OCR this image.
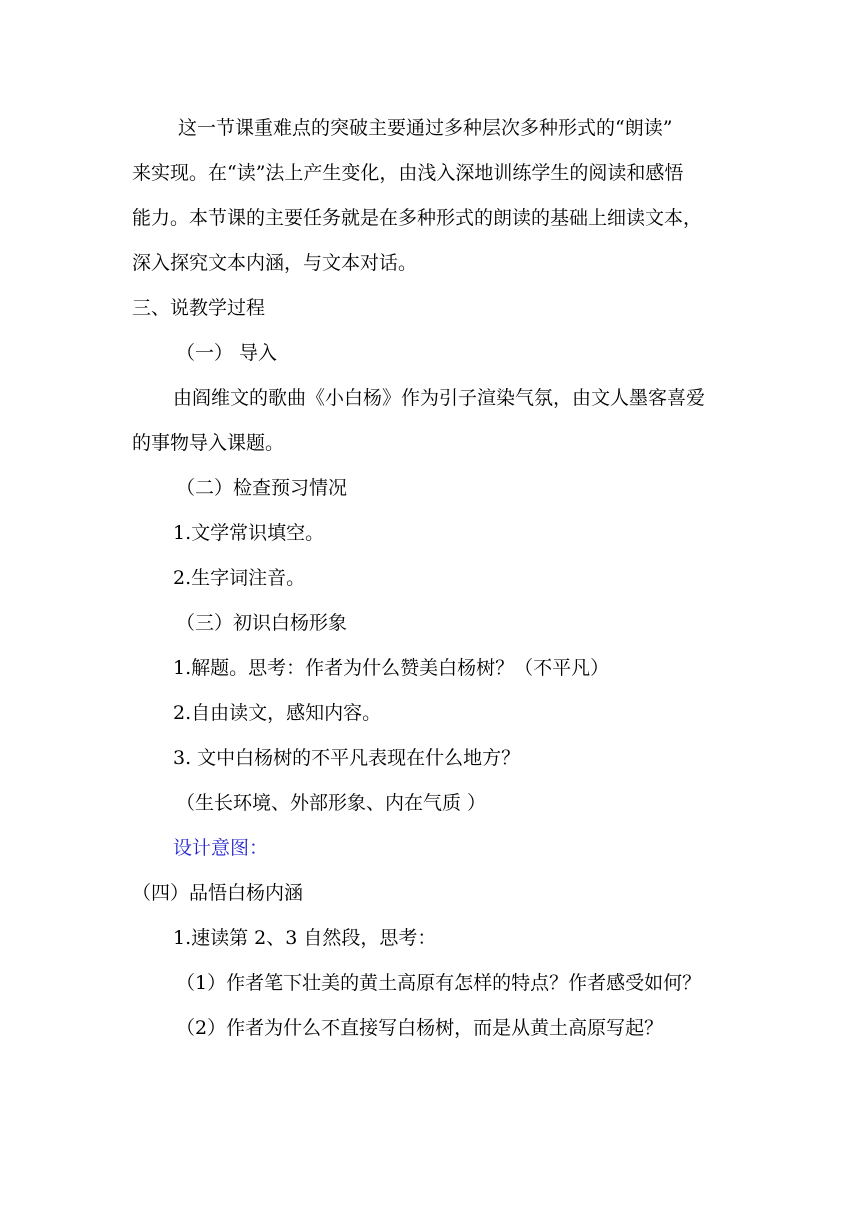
这一节课重难点的突破主要通过多种层次多种形式的“朗读”
来实现。在“读”法上产生变化，由浅入深地训练学生的阅读和感悟
能力。本节课的主要任务就是在多种形式的朗读的基础上细读文本，
深入探究文本内涵，与文本对话。
三、说教学过程
（一） 导入
由阎维文的歌曲《小白杨》作为引子渲染气氛，由文人墨客喜爱
的事物导入课题。
（二）检查预习情况
1.文学常识填空。
2.生字词注音。
（三）初识白杨形象
1.解题。思考：作者为什么赞美白杨树？（不平凡）
2.自由读文，感知内容。
3. 文中白杨树的不平凡表现在什么地方？
（生长环境、外部形象、内在气质 ）
设计意图：
（四）品悟白杨内涵
1.速读第 2、3 自然段，思考：
（1）作者笔下壮美的黄土高原有怎样的特点？作者感受如何？
（2）作者为什么不直接写白杨树，而是从黄土高原写起？
